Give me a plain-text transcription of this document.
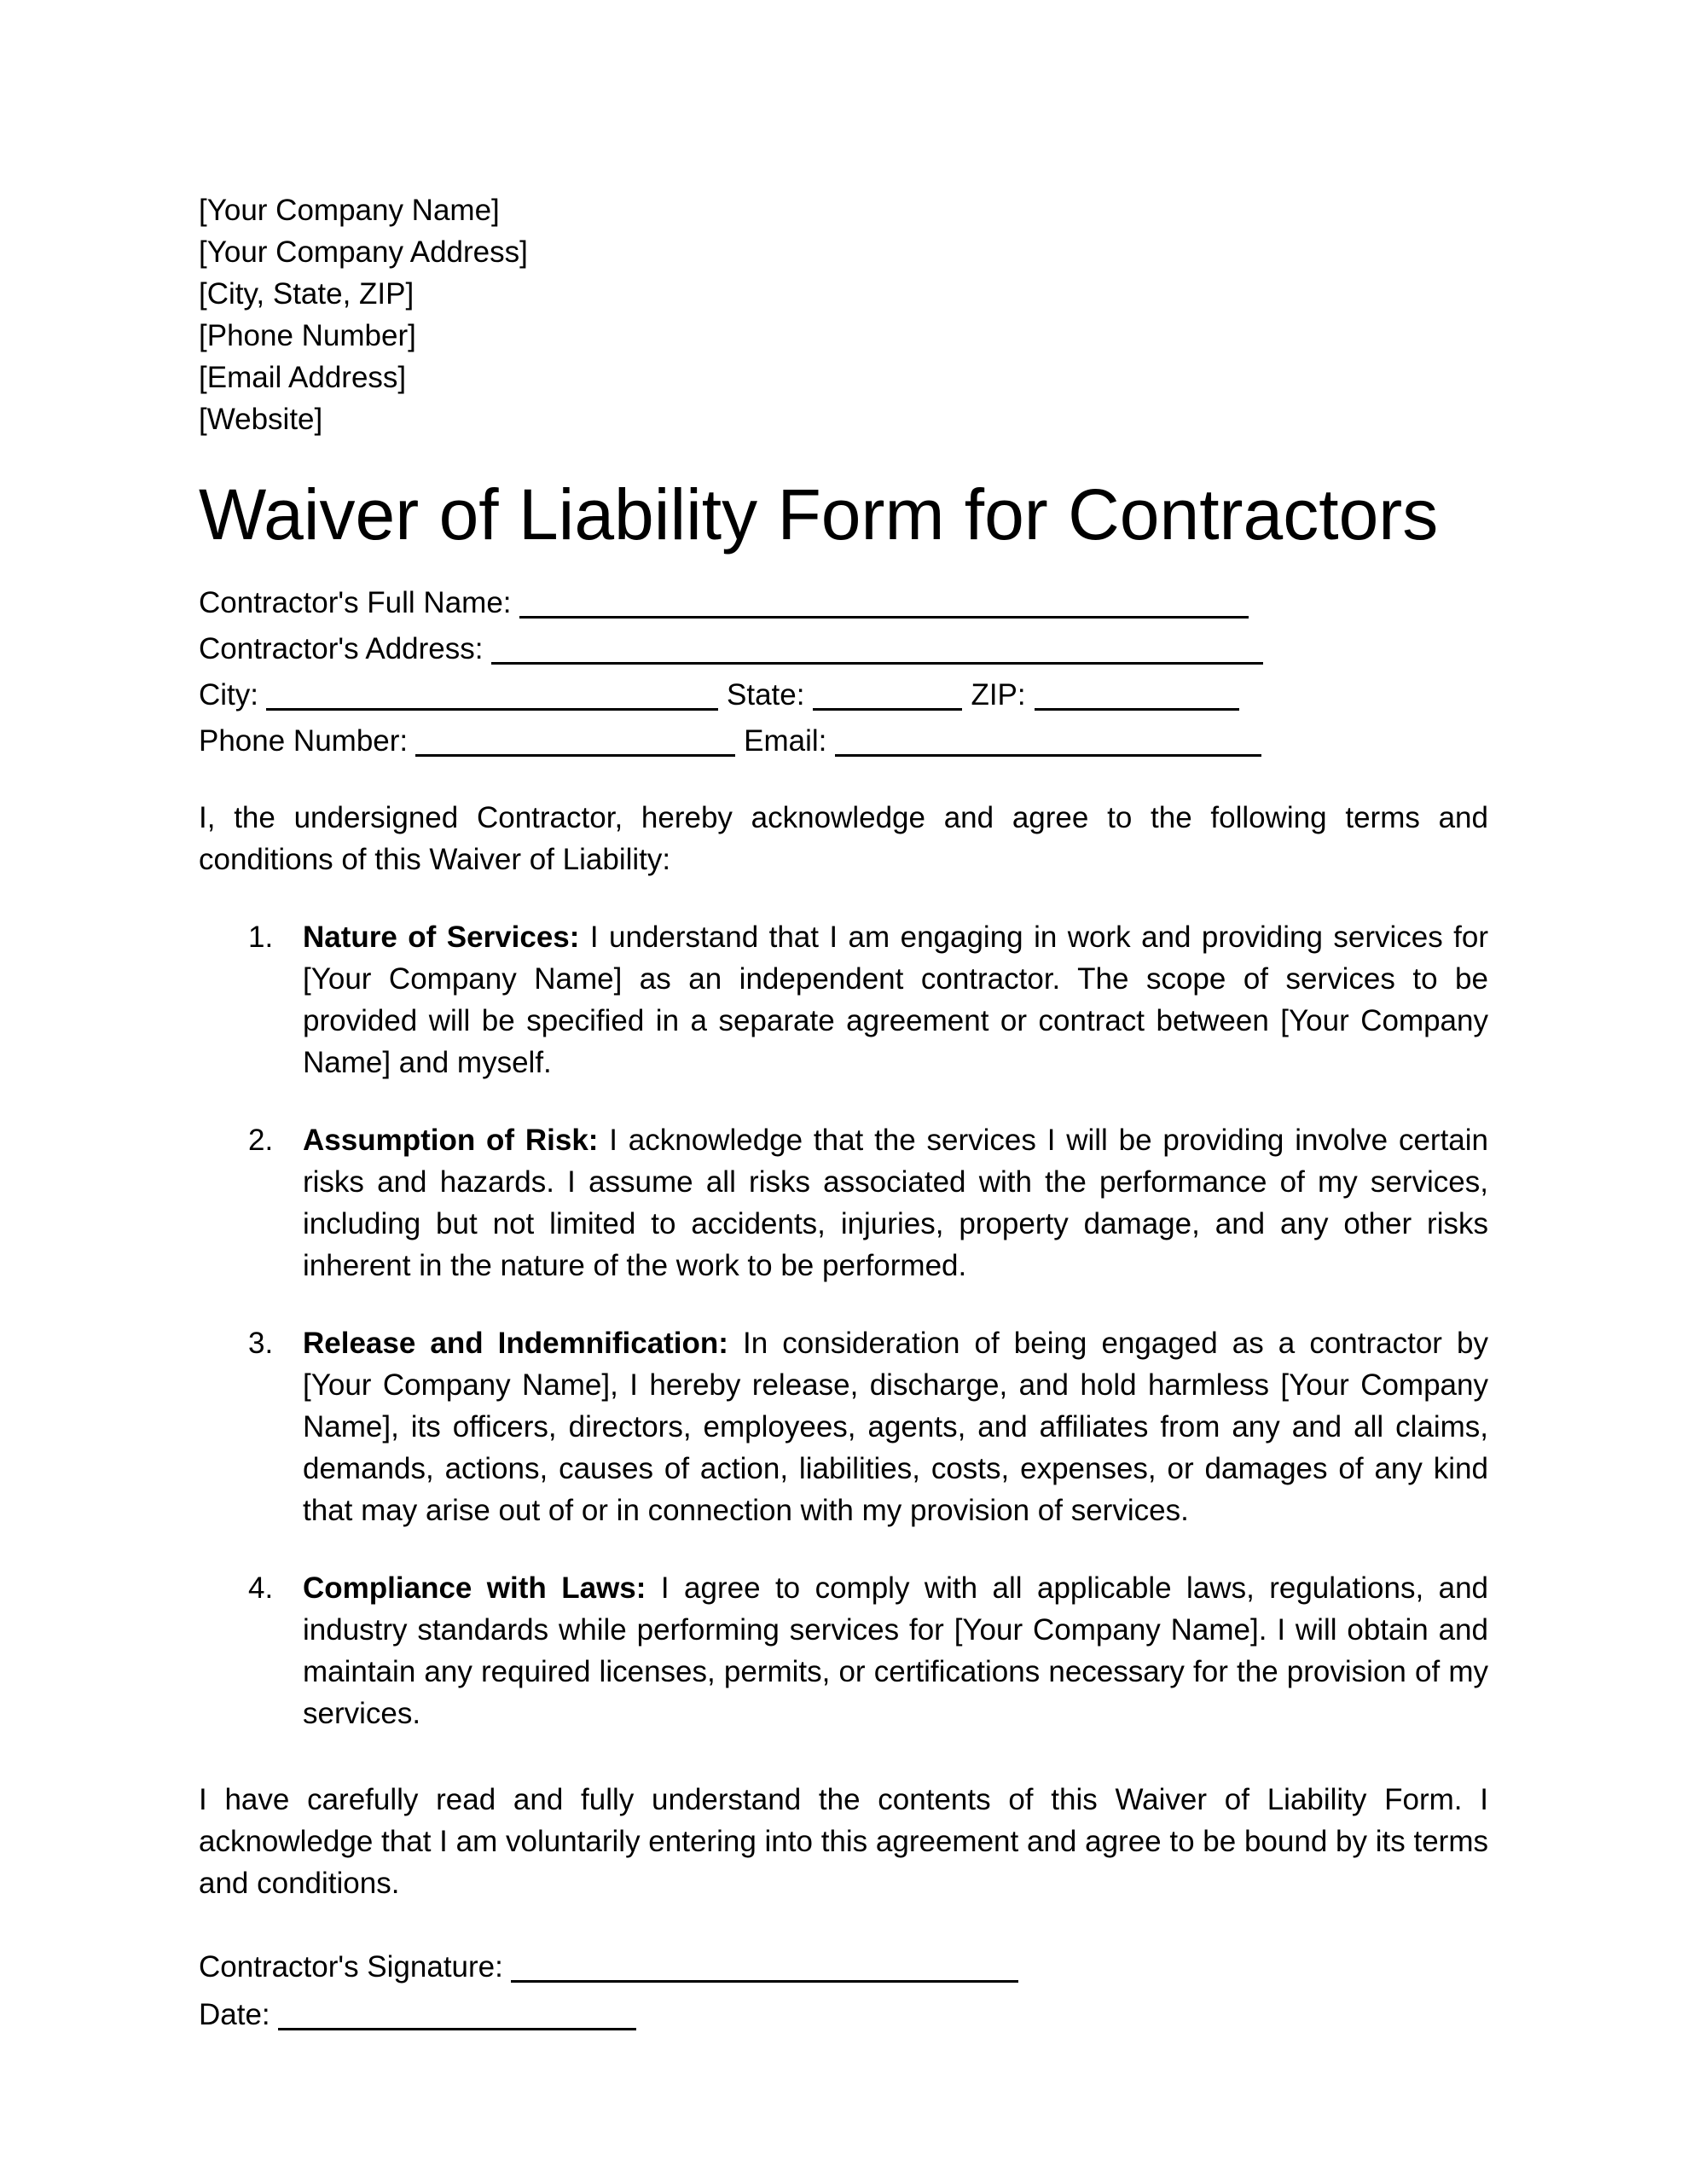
[Your Company Name]

[Your Company Address]

[City, State, ZIP]

[Phone Number]

[Email Address]

[Website]

Waiver of Liability Form for Contractors
Contractor's Full Name:
Contractor's Address:
City:	State:	ZIP:
Phone Number:	Email:

I, the undersigned Contractor, hereby acknowledge and agree to the following terms and conditions of this Waiver of Liability:

1. Nature of Services: I understand that I am engaging in work and providing services for [Your Company Name] as an independent contractor. The scope of services to be provided will be specified in a separate agreement or contract between [Your Company Name] and myself.
2. Assumption of Risk: I acknowledge that the services I will be providing involve certain risks and hazards. I assume all risks associated with the performance of my services, including but not limited to accidents, injuries, property damage, and any other risks inherent in the nature of the work to be performed.
3. Release and Indemnification: In consideration of being engaged as a contractor by [Your Company Name], I hereby release, discharge, and hold harmless [Your Company Name], its officers, directors, employees, agents, and affiliates from any and all claims, demands, actions, causes of action, liabilities, costs, expenses, or damages of any kind that may arise out of or in connection with my provision of services.
4. Compliance with Laws: I agree to comply with all applicable laws, regulations, and industry standards while performing services for [Your Company Name]. I will obtain and maintain any required licenses, permits, or certifications necessary for the provision of my services.

I have carefully read and fully understand the contents of this Waiver of Liability Form. I acknowledge that I am voluntarily entering into this agreement and agree to be bound by its terms and conditions.

Contractor's Signature:
Date:
